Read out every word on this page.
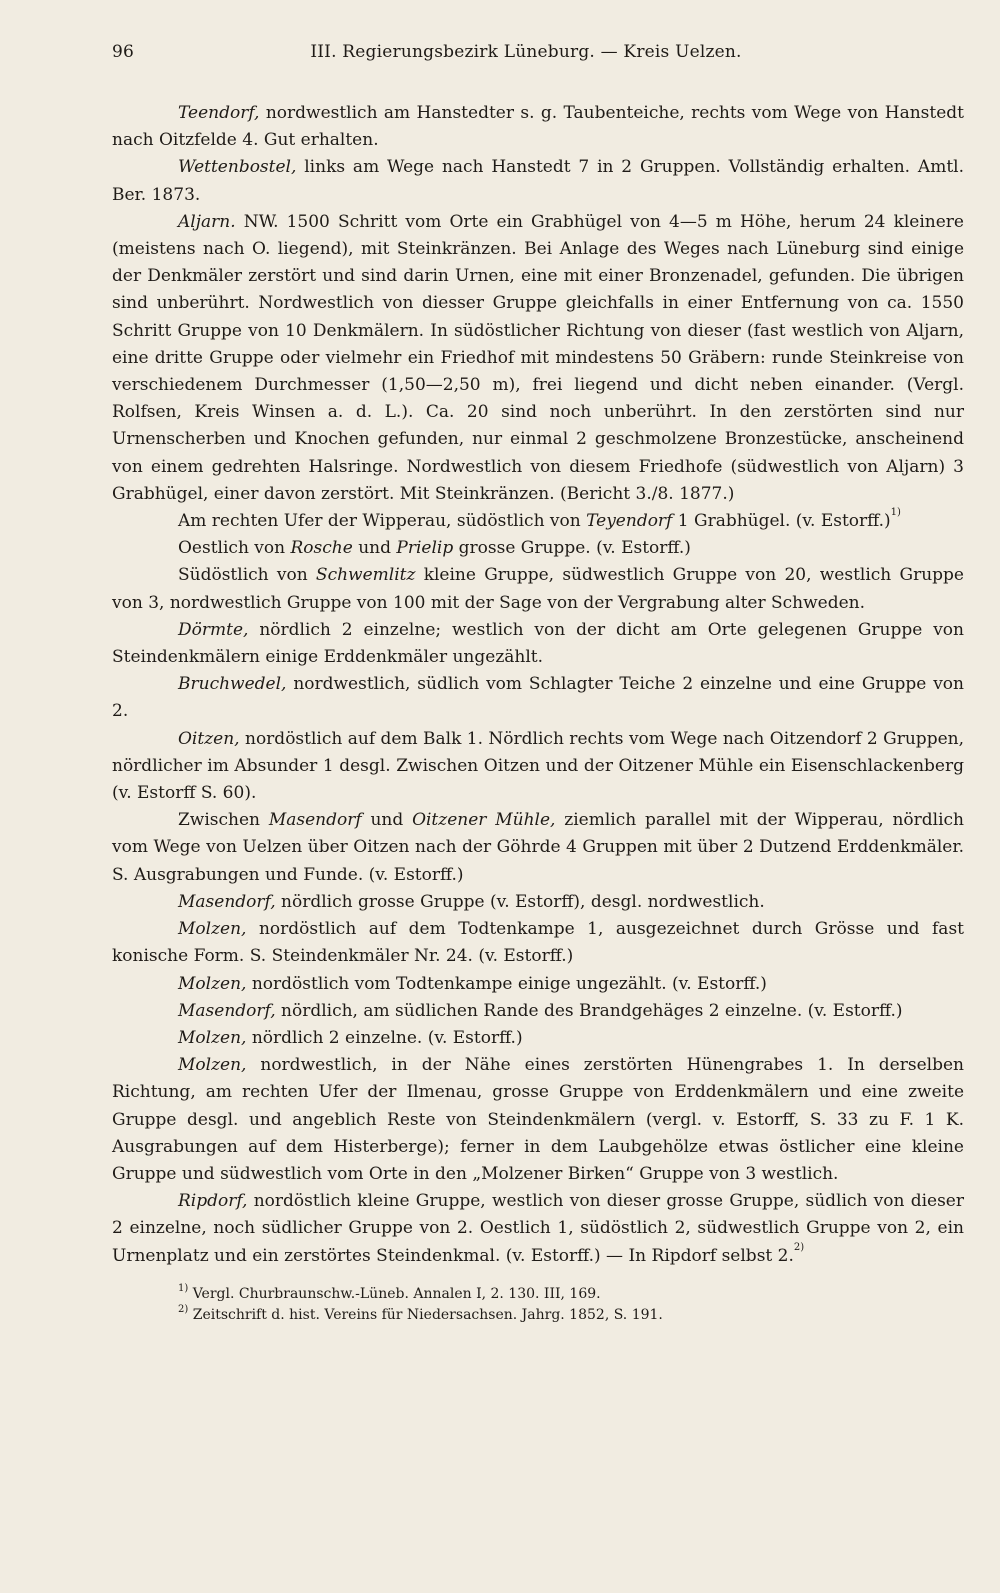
96	III. Regierungsbezirk Lüneburg. — Kreis Uelzen.

Teendorf, nordwestlich am Hanstedter s. g. Taubenteiche, rechts vom Wege von Hanstedt nach Oitzfelde 4. Gut erhalten.

Wettenbostel, links am Wege nach Hanstedt 7 in 2 Gruppen. Vollständig erhalten. Amtl. Ber. 1873.

Aljarn. NW. 1500 Schritt vom Orte ein Grabhügel von 4—5 m Höhe, herum 24 kleinere (meistens nach O. liegend), mit Steinkränzen. Bei Anlage des Weges nach Lüneburg sind einige der Denkmäler zerstört und sind darin Urnen, eine mit einer Bronzenadel, gefunden. Die übrigen sind unberührt. Nordwestlich von diesser Gruppe gleichfalls in einer Entfernung von ca. 1550 Schritt Gruppe von 10 Denkmälern. In südöstlicher Richtung von dieser (fast westlich von Aljarn, eine dritte Gruppe oder vielmehr ein Friedhof mit mindestens 50 Gräbern: runde Steinkreise von verschiedenem Durchmesser (1,50—2,50 m), frei liegend und dicht neben einander. (Vergl. Rolfsen, Kreis Winsen a. d. L.). Ca. 20 sind noch unberührt. In den zerstörten sind nur Urnenscherben und Knochen gefunden, nur einmal 2 geschmolzene Bronzestücke, anscheinend von einem gedrehten Halsringe. Nordwestlich von diesem Friedhofe (südwestlich von Aljarn) 3 Grabhügel, einer davon zerstört. Mit Steinkränzen. (Bericht 3./8. 1877.)

Am rechten Ufer der Wipperau, südöstlich von Teyendorf 1 Grabhügel. (v. Estorff.)$^{1)}$

Oestlich von Rosche und Prielip grosse Gruppe. (v. Estorff.)

Südöstlich von Schwemlitz kleine Gruppe, südwestlich Gruppe von 20, westlich Gruppe von 3, nordwestlich Gruppe von 100 mit der Sage von der Vergrabung alter Schweden.

Dörmte, nördlich 2 einzelne; westlich von der dicht am Orte gelegenen Gruppe von Steindenkmälern einige Erddenkmäler ungezählt.

Bruchwedel, nordwestlich, südlich vom Schlagter Teiche 2 einzelne und eine Gruppe von 2.

Oitzen, nordöstlich auf dem Balk 1. Nördlich rechts vom Wege nach Oitzendorf 2 Gruppen, nördlicher im Absunder 1 desgl. Zwischen Oitzen und der Oitzener Mühle ein Eisenschlackenberg (v. Estorff S. 60).

Zwischen Masendorf und Oitzener Mühle, ziemlich parallel mit der Wipperau, nördlich vom Wege von Uelzen über Oitzen nach der Göhrde 4 Gruppen mit über 2 Dutzend Erddenkmäler. S. Ausgrabungen und Funde. (v. Estorff.)

Masendorf, nördlich grosse Gruppe (v. Estorff), desgl. nordwestlich.

Molzen, nordöstlich auf dem Todtenkampe 1, ausgezeichnet durch Grösse und fast konische Form. S. Steindenkmäler Nr. 24. (v. Estorff.)

Molzen, nordöstlich vom Todtenkampe einige ungezählt. (v. Estorff.)

Masendorf, nördlich, am südlichen Rande des Brandgehäges 2 einzelne. (v. Estorff.)

Molzen, nördlich 2 einzelne. (v. Estorff.)

Molzen, nordwestlich, in der Nähe eines zerstörten Hünengrabes 1. In derselben Richtung, am rechten Ufer der Ilmenau, grosse Gruppe von Erddenkmälern und eine zweite Gruppe desgl. und angeblich Reste von Steindenkmälern (vergl. v. Estorff, S. 33 zu F. 1 K. Ausgrabungen auf dem Histerberge); ferner in dem Laubgehölze etwas östlicher eine kleine Gruppe und südwestlich vom Orte in den „Molzener Birken“ Gruppe von 3 westlich.

Ripdorf, nordöstlich kleine Gruppe, westlich von dieser grosse Gruppe, südlich von dieser 2 einzelne, noch südlicher Gruppe von 2. Oestlich 1, südöstlich 2, südwestlich Gruppe von 2, ein Urnenplatz und ein zerstörtes Steindenkmal. (v. Estorff.) — In Ripdorf selbst 2.$^{2)}$

$^{1)}$ Vergl. Churbraunschw.-Lüneb. Annalen I, 2. 130. III, 169.
$^{2)}$ Zeitschrift d. hist. Vereins für Niedersachsen. Jahrg. 1852, S. 191.
